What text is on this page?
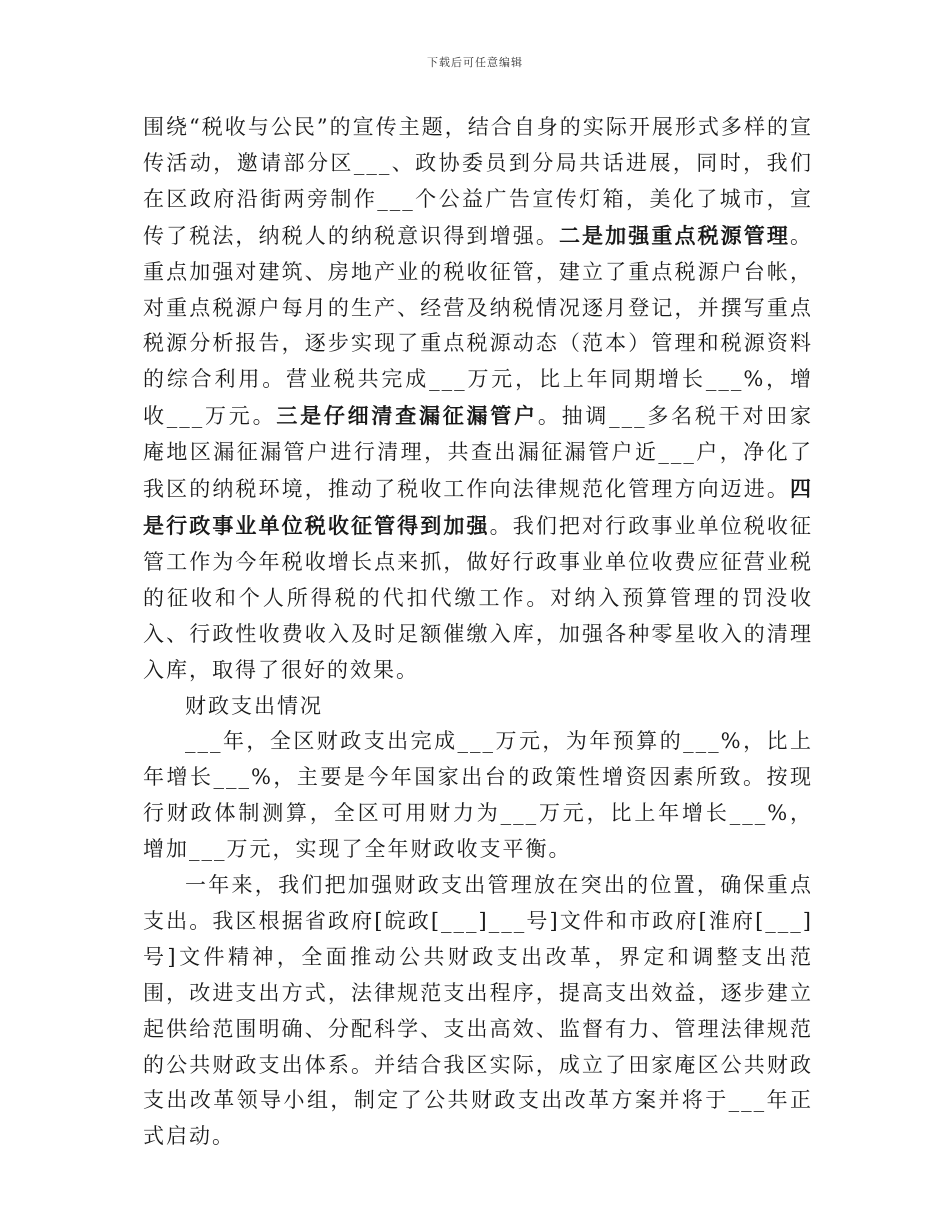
下载后可任意编辑

围绕“税收与公民”的宣传主题，结合自身的实际开展形式多样的宣传活动，邀请部分区___、政协委员到分局共话进展，同时，我们在区政府沿街两旁制作___个公益广告宣传灯箱，美化了城市，宣传了税法，纳税人的纳税意识得到增强。二是加强重点税源管理。重点加强对建筑、房地产业的税收征管，建立了重点税源户台帐，对重点税源户每月的生产、经营及纳税情况逐月登记，并撰写重点税源分析报告，逐步实现了重点税源动态（范本）管理和税源资料的综合利用。营业税共完成___万元，比上年同期增长___%，增收___万元。三是仔细清查漏征漏管户。抽调___多名税干对田家庵地区漏征漏管户进行清理，共查出漏征漏管户近___户，净化了我区的纳税环境，推动了税收工作向法律规范化管理方向迈进。四是行政事业单位税收征管得到加强。我们把对行政事业单位税收征管工作为今年税收增长点来抓，做好行政事业单位收费应征营业税的征收和个人所得税的代扣代缴工作。对纳入预算管理的罚没收入、行政性收费收入及时足额催缴入库，加强各种零星收入的清理入库，取得了很好的效果。

财政支出情况

___年，全区财政支出完成___万元，为年预算的___%，比上年增长___%，主要是今年国家出台的政策性增资因素所致。按现行财政体制测算，全区可用财力为___万元，比上年增长___%，增加___万元，实现了全年财政收支平衡。

一年来，我们把加强财政支出管理放在突出的位置，确保重点支出。我区根据省政府[皖政[___]___号]文件和市政府[淮府[___]号]文件精神，全面推动公共财政支出改革，界定和调整支出范围，改进支出方式，法律规范支出程序，提高支出效益，逐步建立起供给范围明确、分配科学、支出高效、监督有力、管理法律规范的公共财政支出体系。并结合我区实际，成立了田家庵区公共财政支出改革领导小组，制定了公共财政支出改革方案并将于___年正式启动。
